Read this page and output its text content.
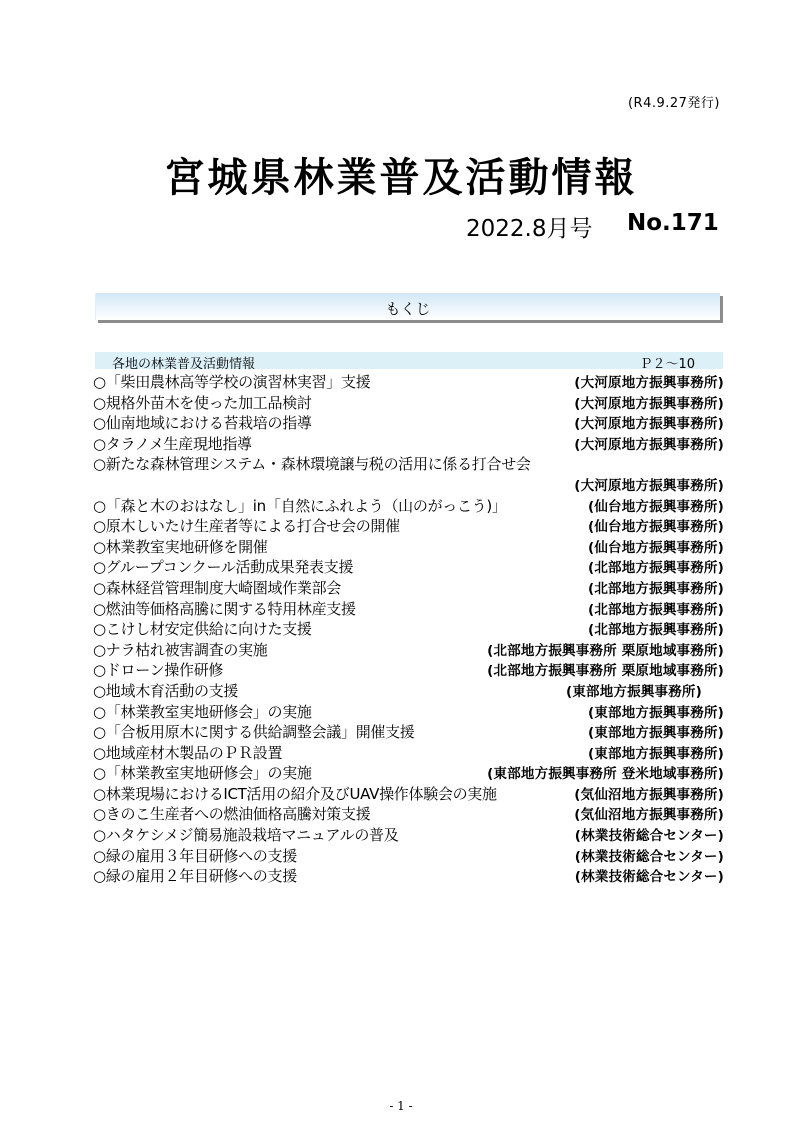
(R4.9.27発行)
宮城県林業普及活動情報
2022.8月号 No.171
もくじ
各地の林業普及活動情報	Ｐ２～10
○「柴田農林高等学校の演習林実習」支援	(大河原地方振興事務所)
○規格外苗木を使った加工品検討	(大河原地方振興事務所)
○仙南地域における苔栽培の指導	(大河原地方振興事務所)
○タラノメ生産現地指導	(大河原地方振興事務所)
○新たな森林管理システム・森林環境譲与税の活用に係る打合せ会
(大河原地方振興事務所)
○「森と木のおはなし」in「自然にふれよう（山のがっこう)」	(仙台地方振興事務所)
○原木しいたけ生産者等による打合せ会の開催	(仙台地方振興事務所)
○林業教室実地研修を開催	(仙台地方振興事務所)
○グループコンクール活動成果発表支援	(北部地方振興事務所)
○森林経営管理制度大崎圏域作業部会	(北部地方振興事務所)
○燃油等価格高騰に関する特用林産支援	(北部地方振興事務所)
○こけし材安定供給に向けた支援	(北部地方振興事務所)
○ナラ枯れ被害調査の実施	(北部地方振興事務所 栗原地域事務所)
○ドローン操作研修	(北部地方振興事務所 栗原地域事務所)
○地域木育活動の支援	(東部地方振興事務所)
○「林業教室実地研修会」の実施	(東部地方振興事務所)
○「合板用原木に関する供給調整会議」開催支援	(東部地方振興事務所)
○地域産材木製品のＰＲ設置	(東部地方振興事務所)
○「林業教室実地研修会」の実施	(東部地方振興事務所 登米地域事務所)
○林業現場におけるICT活用の紹介及びUAV操作体験会の実施	(気仙沼地方振興事務所)
○きのこ生産者への燃油価格高騰対策支援	(気仙沼地方振興事務所)
○ハタケシメジ簡易施設栽培マニュアルの普及	(林業技術総合センター)
○緑の雇用３年目研修への支援	(林業技術総合センター)
○緑の雇用２年目研修への支援	(林業技術総合センター)
- 1 -
